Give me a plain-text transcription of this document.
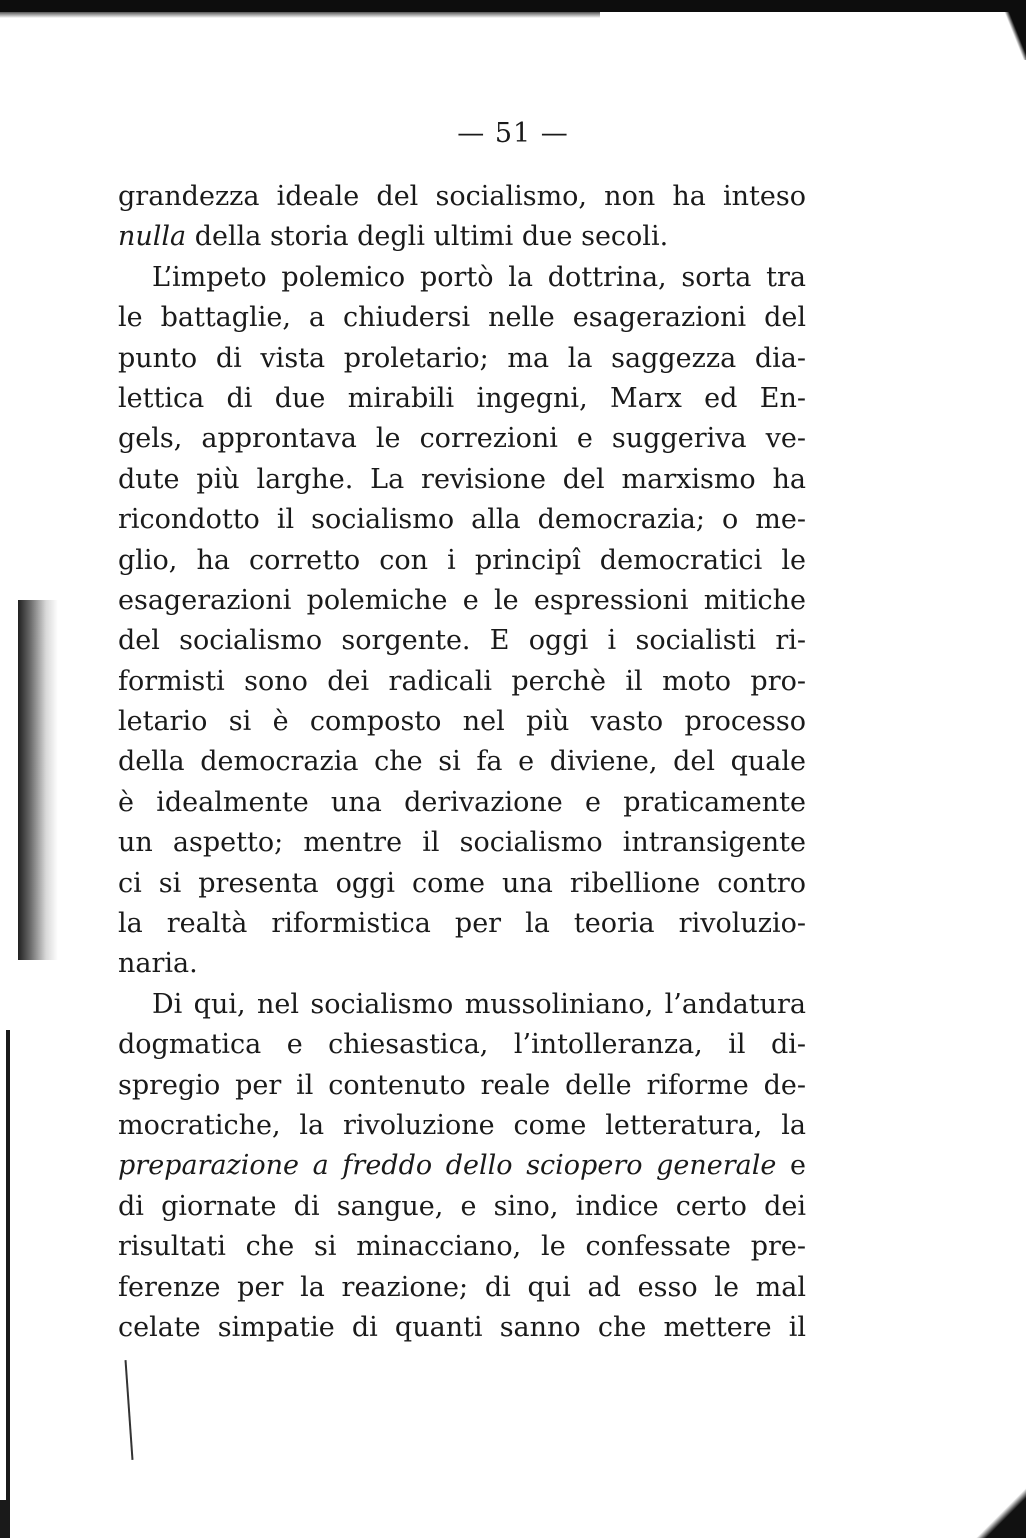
— 51 —
grandezza ideale del socialismo, non ha inteso
nulla della storia degli ultimi due secoli.
L’impeto polemico portò la dottrina, sorta tra
le battaglie, a chiudersi nelle esagerazioni del
punto di vista proletario; ma la saggezza dia-
lettica di due mirabili ingegni, Marx ed En-
gels, approntava le correzioni e suggeriva ve-
dute più larghe. La revisione del marxismo ha
ricondotto il socialismo alla democrazia; o me-
glio, ha corretto con i principî democratici le
esagerazioni polemiche e le espressioni mitiche
del socialismo sorgente. E oggi i socialisti ri-
formisti sono dei radicali perchè il moto pro-
letario si è composto nel più vasto processo
della democrazia che si fa e diviene, del quale
è idealmente una derivazione e praticamente
un aspetto; mentre il socialismo intransigente
ci si presenta oggi come una ribellione contro
la realtà riformistica per la teoria rivoluzio-
naria.
Di qui, nel socialismo mussoliniano, l’andatura
dogmatica e chiesastica, l’intolleranza, il di-
spregio per il contenuto reale delle riforme de-
mocratiche, la rivoluzione come letteratura, la
preparazione a freddo dello sciopero generale e
di giornate di sangue, e sino, indice certo dei
risultati che si minacciano, le confessate pre-
ferenze per la reazione; di qui ad esso le mal
celate simpatie di quanti sanno che mettere il
